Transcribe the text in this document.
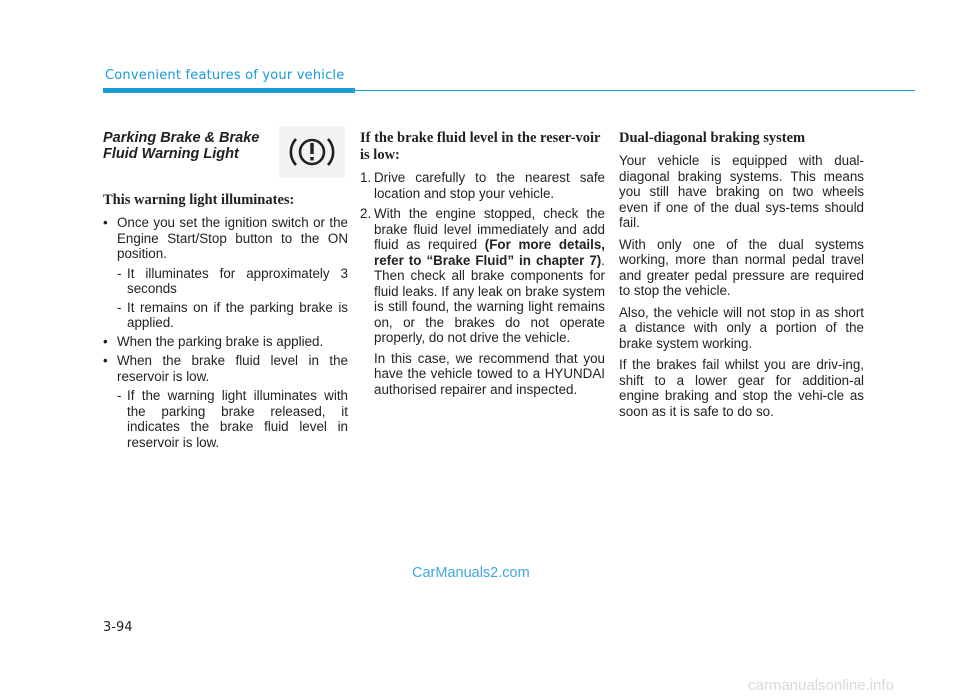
Convenient features of your vehicle

Parking Brake & Brake Fluid Warning Light

This warning light illuminates:

• Once you set the ignition switch or the Engine Start/Stop button to the ON position.
- It illuminates for approximately 3 seconds
- It remains on if the parking brake is applied.
• When the parking brake is applied.
• When the brake fluid level in the reservoir is low.
- If the warning light illuminates with the parking brake released, it indicates the brake fluid level in reservoir is low.

If the brake fluid level in the reser-voir is low:

1. Drive carefully to the nearest safe location and stop your vehicle.
2. With the engine stopped, check the brake fluid level immediately and add fluid as required (For more details, refer to “Brake Fluid” in chapter 7). Then check all brake components for fluid leaks. If any leak on brake system is still found, the warning light remains on, or the brakes do not operate properly, do not drive the vehicle.

In this case, we recommend that you have the vehicle towed to a HYUNDAI authorised repairer and inspected.

Dual-diagonal braking system

Your vehicle is equipped with dual-diagonal braking systems. This means you still have braking on two wheels even if one of the dual sys-tems should fail.

With only one of the dual systems working, more than normal pedal travel and greater pedal pressure are required to stop the vehicle.

Also, the vehicle will not stop in as short a distance with only a portion of the brake system working.

If the brakes fail whilst you are driv-ing, shift to a lower gear for addition-al engine braking and stop the vehi-cle as soon as it is safe to do so.

CarManuals2.com
3-94
carmanualsonline.info
